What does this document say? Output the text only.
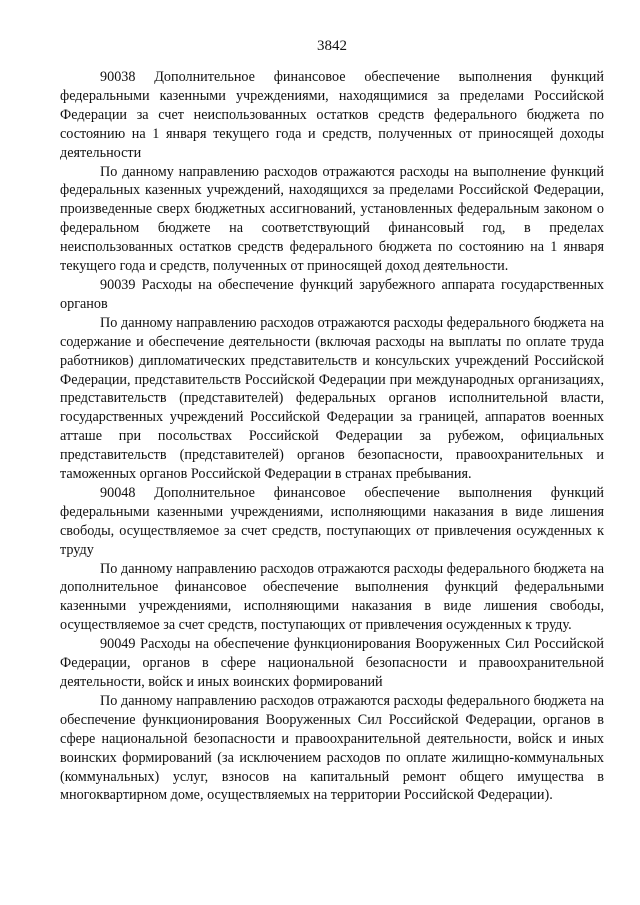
3842

90038 Дополнительное финансовое обеспечение выполнения функций федеральными казенными учреждениями, находящимися за пределами Российской Федерации за счет неиспользованных остатков средств федерального бюджета по состоянию на 1 января текущего года и средств, полученных от приносящей доходы деятельности

По данному направлению расходов отражаются расходы на выполнение функций федеральных казенных учреждений, находящихся за пределами Российской Федерации, произведенные сверх бюджетных ассигнований, установленных федеральным законом о федеральном бюджете на соответствующий финансовый год, в пределах неиспользованных остатков средств федерального бюджета по состоянию на 1 января текущего года и средств, полученных от приносящей доход деятельности.

90039 Расходы на обеспечение функций зарубежного аппарата государственных органов

По данному направлению расходов отражаются расходы федерального бюджета на содержание и обеспечение деятельности (включая расходы на выплаты по оплате труда работников) дипломатических представительств и консульских учреждений Российской Федерации, представительств Российской Федерации при международных организациях, представительств (представителей) федеральных органов исполнительной власти, государственных учреждений Российской Федерации за границей, аппаратов военных атташе при посольствах Российской Федерации за рубежом, официальных представительств (представителей) органов безопасности, правоохранительных и таможенных органов Российской Федерации в странах пребывания.

90048 Дополнительное финансовое обеспечение выполнения функций федеральными казенными учреждениями, исполняющими наказания в виде лишения свободы, осуществляемое за счет средств, поступающих от привлечения осужденных к труду

По данному направлению расходов отражаются расходы федерального бюджета на дополнительное финансовое обеспечение выполнения функций федеральными казенными учреждениями, исполняющими наказания в виде лишения свободы, осуществляемое за счет средств, поступающих от привлечения осужденных к труду.

90049 Расходы на обеспечение функционирования Вооруженных Сил Российской Федерации, органов в сфере национальной безопасности и правоохранительной деятельности, войск и иных воинских формирований

По данному направлению расходов отражаются расходы федерального бюджета на обеспечение функционирования Вооруженных Сил Российской Федерации, органов в сфере национальной безопасности и правоохранительной деятельности, войск и иных воинских формирований (за исключением расходов по оплате жилищно-коммунальных (коммунальных) услуг, взносов на капитальный ремонт общего имущества в многоквартирном доме, осуществляемых на территории Российской Федерации).
